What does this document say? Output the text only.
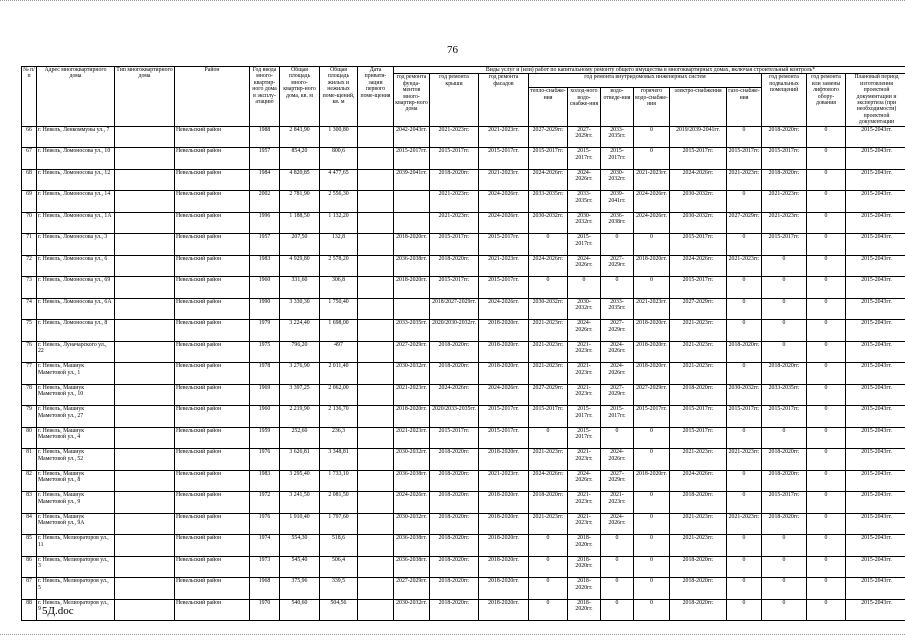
76
№ п/п	Адрес многоквартирного дома	Тип многоквартирного дома	Район	Год ввода много-квартир-ного дома в эксплу-атацию	Общая площадь много-квартир-ного дома, кв. м	Общая площадь жилых и нежилых поме-щений, кв. м	Дата привати-зации первого поме-щения	Виды услуг и (или) работ по капитальному ремонту общего имущества в многоквартирных домах, включая строительный контроль*											
								год ремонта фунда-ментов много-квартир-ного дома	год ремонта крыши	год ремонта фасадов	год ремонта внутридомовых инженерных систем						год ремонта подвальных помещений	год ремонта или замены лифтового обору-дования	Плановый период изготовления проектной документации и экспертиза (при необходимости) проектной документации
											тепло-снабже-ния	холод-ного водо-снабже-ния	водо-отведе-ния	горячего водо-снабже-ния	электро-снабжения	газо-снабже-ния			
66	г. Невель, Ленкоммуны ул., 7		Невельский район	1988	2 843,90	1 300,80		2042-2043гг.	2021-2023гг.	2021-2023гг.	2027-2029гг.	2027-2029гг.	2033-2035гг.	0	2019/2039-2041гг.	0	2018-2020гг.	0	2015-2043гг.
67	г. Невель, Ломоносова ул., 10		Невельский район	1957	854,20	800,6		2015-2017гг.	2015-2017гг.	2015-2017гг.	2015-2017гг.	2015-2017гг.	2015-2017гг.	0	2015-2017гг.	2015-2017гг.	2015-2017гг.	0	2015-2043гг.
68	г. Невель, Ломоносова ул., 12		Невельский район	1984	4 820,85	4 477,65		2039-2041гг.	2018-2020гг.	2021-2023гг.	2024-2026гг.	2024-2026гг.	2030-2032гг.	2021-2023гг.	2024-2026гг.	2021-2023гг.	2018-2020гг.	0	2015-2043гг.
69	г. Невель, Ломоносова ул., 14		Невельский район	2002	2 781,90	2 556,30			2021-2023гг.	2024-2026гг.	2033-2035гг.	2033-2035гг.	2039-2041гг.	2024-2026гг.	2030-2032гг.	0	2021-2023гг.	0	2015-2043гг.
70	г. Невель, Ломоносова ул., 1А		Невельский район	1996	1 188,50	1 132,20			2021-2023гг.	2024-2026гг.	2030-2032гг.	2030-2032гг.	2036-2038гг.	2024-2026гг.	2030-2032гг.	2027-2029гг.	2021-2023гг.	0	2015-2043гг.
71	г. Невель, Ломоносова ул., 3		Невельский район	1957	207,50	132,8		2018-2020гг.	2015-2017гг.	2015-2017гг.	0	2015-2017гг.	0	0	2015-2017гг.	0	2015-2017гг.	0	2015-2043гг.
72	г. Невель, Ломоносова ул., 6		Невельский район	1983	4 929,80	2 578,20		2036-2038гг.	2018-2020гг.	2021-2023гг.	2024-2026гг.	2024-2026гг.	2027-2029гг.	2018-2020гг.	2024-2026гг.	2021-2023гг.	0	0	2015-2043гг.
73	г. Невель, Ломоносова ул., 69		Невельский район	1960	331,60	306,8		2018-2020гг.	2015-2017гг.	2015-2017гг.	0	0	0	0	2015-2017гг.	0	0	0	2015-2043гг.
74	г. Невель, Ломоносова ул., 6А		Невельский район	1990	3 330,30	1 750,40			2018/2027-2029гг.	2024-2026гг.	2030-2032гг.	2030-2032гг.	2033-2035гг.	2021-2023гг.	2027-2029гг.	0	0	0	2015-2043гг.
75	г. Невель, Ломоносова ул., 8		Невельский район	1979	3 224,40	1 698,00		2033-2035гг.	2020/2030-2032гг.	2018-2020гг.	2021-2023гг.	2024-2026гг.	2027-2029гг.	2018-2020гг.	2021-2023гг.	0	0	0	2015-2043гг.
76	г. Невель, Луначарского ул., 22		Невельский район	1975	796,20	497		2027-2029гг.	2018-2020гг.	2018-2020гг.	2021-2023гг.	2021-2023гг.	2024-2026гг.	2018-2020гг.	2021-2023гг.	2018-2020гг.	0	0	2015-2043гг.
77	г. Невель, Машиук Маметовой ул., 1		Невельский район	1978	3 276,90	2 011,40		2030-2032гг.	2018-2020гг.	2018-2020гг.	2021-2023гг.	2021-2023гг.	2024-2026гг.	2018-2020гг.	2021-2023гг.	0	2018-2020гг.	0	2015-2043гг.
78	г. Невель, Машиук Маметовой ул., 10		Невельский район	1969	3 397,25	2 062,00		2021-2023гг.	2024-2026гг.	2024-2026гг.	2027-2029гг.	2021-2023гг.	2027-2029гг.	2027-2029гг.	2018-2020гг.	2030-2032гг.	2033-2035гг.	0	2015-2043гг.
79	г. Невель, Машиук Маметовой ул., 27		Невельский район	1960	2 219,90	2 136,70		2018-2020гг.	2020/2033-2035гг.	2015-2017гг.	2015-2017гг.	2015-2017гг.	2015-2017гг.	2015-2017гг.	2015-2017гг.	2015-2017гг.	2015-2017гг.	0	2015-2043гг.
80	г. Невель, Машиук Маметовой ул., 4		Невельский район	1959	252,60	236,3		2021-2023гг.	2015-2017гг.	2015-2017гг.	0	2015-2017гг.	0	0	2015-2017гг.	0	0	0	2015-2043гг.
81	г. Невель, Машиук Маметовой ул., 52		Невельский район	1976	3 626,81	3 348,81		2030-2032гг.	2018-2020гг.	2018-2020гг.	2021-2023гг.	2021-2023гг.	2024-2026гг.	0	2021-2023гг.	2021-2023гг.	2018-2020гг.	0	2015-2043гг.
82	г. Невель, Машиук Маметовой ул., 8		Невельский район	1983	3 295,40	1 733,10		2036-2038гг.	2018-2020гг.	2021-2023гг.	2024-2026гг.	2024-2026гг.	2027-2029гг.	2018-2020гг.	2024-2026гг.	0	2018-2020гг.	0	2015-2043гг.
83	г. Невель, Машиук Маметовой ул., 9		Невельский район	1972	3 241,50	2 081,50		2024-2026гг.	2018-2020гг.	2018-2020гг.	2018-2020гг.	2021-2023гг.	2021-2023гг.	0	2018-2020гг.	0	2015-2017гг.	0	2015-2043гг.
84	г. Невель, Машиук Маметовой ул., 9А		Невельский район	1976	1 910,40	1 797,60		2030-2032гг.	2018-2020гг.	2018-2020гг.	2021-2023гг.	2021-2023гг.	2024-2026гг.	0	2021-2023гг.	2021-2023гг.	2018-2020гг.	0	2015-2043гг.
85	г. Невель, Мелиораторов ул., 11		Невельский район	1974	554,30	518,6		2036-2038гг.	2018-2020гг.	2018-2020гг.	0	2018-2020гг.	0	0	2021-2023гг.	0	0	0	2015-2043гг.
86	г. Невель, Мелиораторов ул., 3		Невельский район	1973	545,40	506,4		2036-2038гг.	2018-2020гг.	2018-2020гг.	0	2018-2020гг.	0	0	2018-2020гг.	0	0	0	2015-2043гг.
87	г. Невель, Мелиораторов ул., 5		Невельский район	1968	375,96	339,5		2027-2029гг.	2018-2020гг.	2018-2020гг.	0	2018-2020гг.	0	0	2018-2020гг.	0	0	0	2015-2043гг.
88	г. Невель, Мелиораторов ул., 9		Невельский район	1970	540,60	504,56		2030-2032гг.	2018-2020гг.	2018-2020гг.	0	2018-2020гг.	0	0	2018-2020гг.	0	0	0	2015-2043гг.
5Д.doc
